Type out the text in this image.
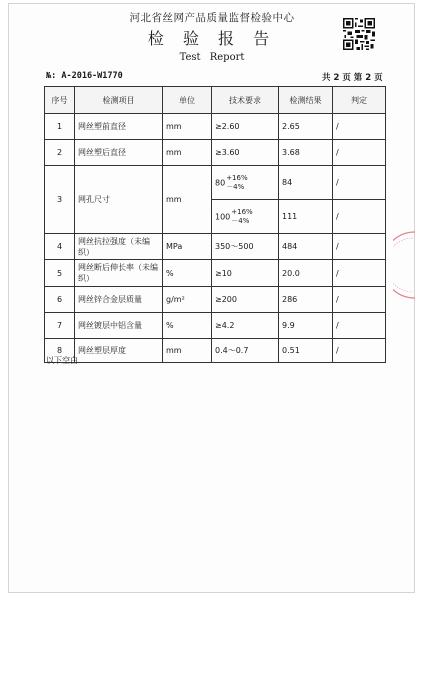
河北省丝网产品质量监督检验中心
检 验 报 告
Test Report
№: A-2016-W1770	共 2 页 第 2 页
序号	检测项目	单位	技术要求	检测结果	判定
1	网丝塑前直径	mm	≥2.60	2.65	/
2	网丝塑后直径	mm	≥3.60	3.68	/
3	网孔尺寸	mm	80+16%
－4%	84	/
			100+16%
－4%	111	/
4	网丝抗拉强度（未编织）	MPa	350～500	484	/
5	网丝断后伸长率（未编织）	%	≥10	20.0	/
6	网丝锌合金层质量	g/m²	≥200	286	/
7	网丝镀层中铝含量	%	≥4.2	9.9	/
8	网丝塑层厚度	mm	0.4～0.7	0.51	/
以下空白
